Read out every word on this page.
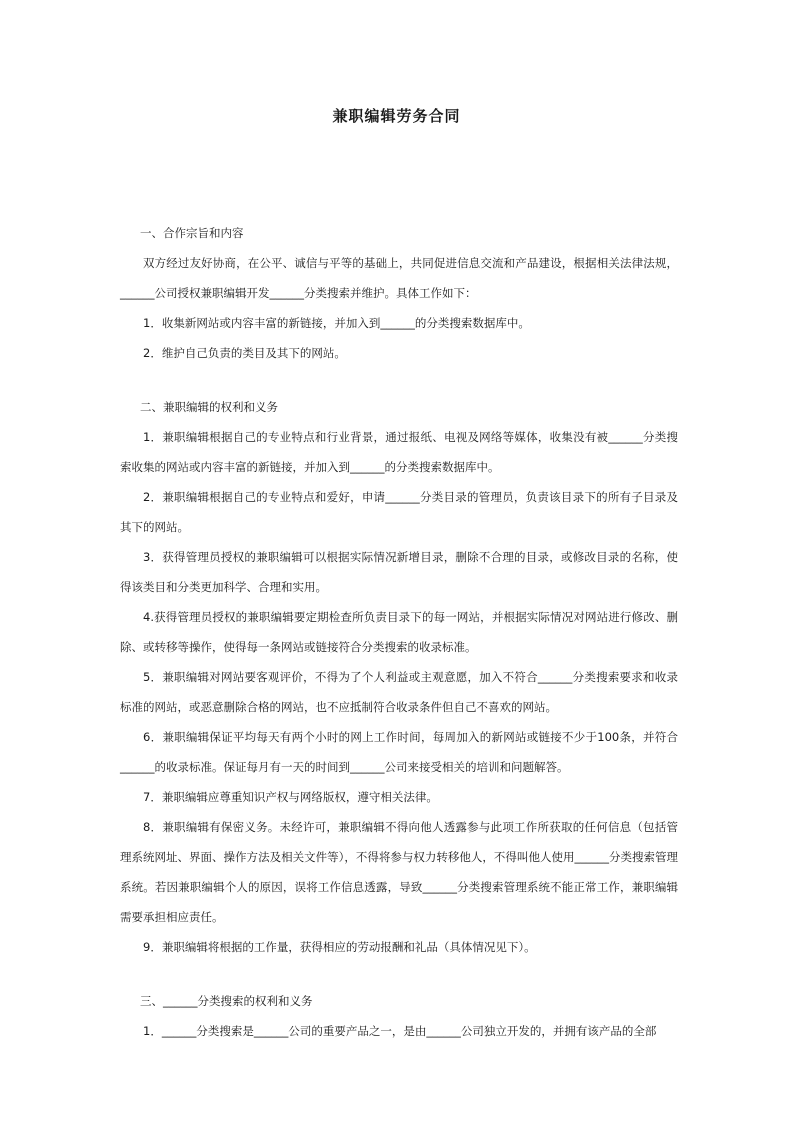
兼职编辑劳务合同

一、合作宗旨和内容

双方经过友好协商，在公平、诚信与平等的基础上，共同促进信息交流和产品建设，根据相关法律法规，______公司授权兼职编辑开发______分类搜索并维护。具体工作如下：

1．收集新网站或内容丰富的新链接，并加入到______的分类搜索数据库中。

2．维护自己负责的类目及其下的网站。

二、兼职编辑的权利和义务

1．兼职编辑根据自己的专业特点和行业背景，通过报纸、电视及网络等媒体，收集没有被______分类搜索收集的网站或内容丰富的新链接，并加入到______的分类搜索数据库中。

2．兼职编辑根据自己的专业特点和爱好，申请______分类目录的管理员，负责该目录下的所有子目录及其下的网站。

3．获得管理员授权的兼职编辑可以根据实际情况新增目录，删除不合理的目录，或修改目录的名称，使得该类目和分类更加科学、合理和实用。

4.获得管理员授权的兼职编辑要定期检查所负责目录下的每一网站，并根据实际情况对网站进行修改、删除、或转移等操作，使得每一条网站或链接符合分类搜索的收录标准。

5．兼职编辑对网站要客观评价，不得为了个人利益或主观意愿，加入不符合______分类搜索要求和收录标准的网站，或恶意删除合格的网站，也不应抵制符合收录条件但自己不喜欢的网站。

6．兼职编辑保证平均每天有两个小时的网上工作时间，每周加入的新网站或链接不少于100条，并符合______的收录标准。保证每月有一天的时间到______公司来接受相关的培训和问题解答。

7．兼职编辑应尊重知识产权与网络版权，遵守相关法律。

8．兼职编辑有保密义务。未经许可，兼职编辑不得向他人透露参与此项工作所获取的任何信息（包括管理系统网址、界面、操作方法及相关文件等），不得将参与权力转移他人，不得叫他人使用______分类搜索管理系统。若因兼职编辑个人的原因，误将工作信息透露，导致______分类搜索管理系统不能正常工作，兼职编辑需要承担相应责任。

9．兼职编辑将根据的工作量，获得相应的劳动报酬和礼品（具体情况见下）。

三、______分类搜索的权利和义务

1．______分类搜索是______公司的重要产品之一，是由______公司独立开发的，并拥有该产品的全部
